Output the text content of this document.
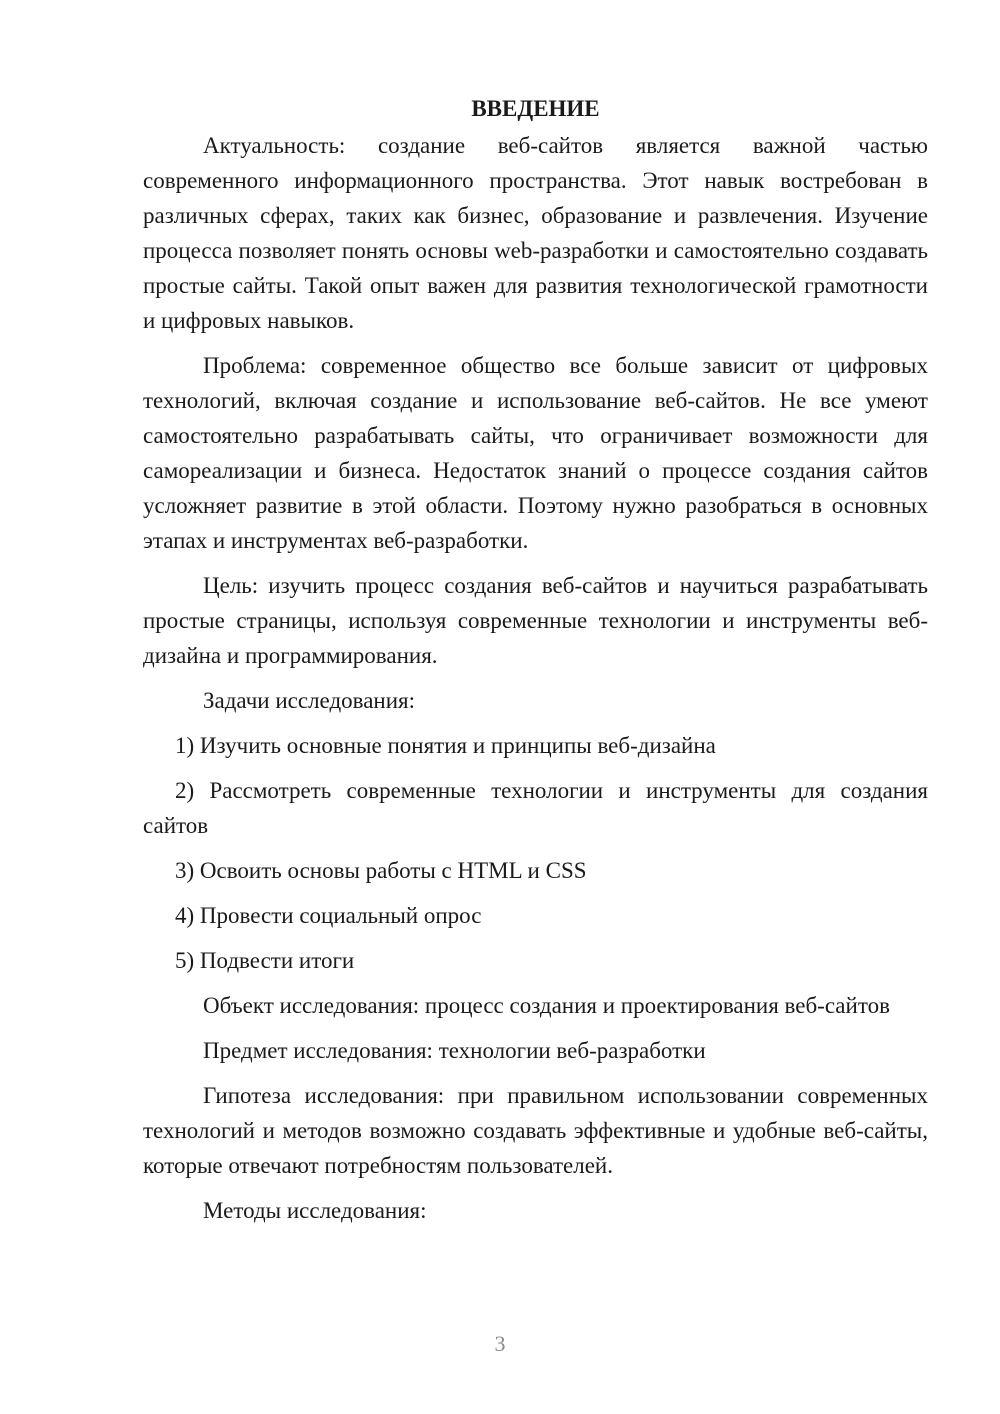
ВВЕДЕНИЕ

Актуальность: создание веб-сайтов является важной частью современного информационного пространства. Этот навык востребован в различных сферах, таких как бизнес, образование и развлечения. Изучение процесса позволяет понять основы web-разработки и самостоятельно создавать простые сайты. Такой опыт важен для развития технологической грамотности и цифровых навыков.

Проблема: современное общество все больше зависит от цифровых технологий, включая создание и использование веб-сайтов. Не все умеют самостоятельно разрабатывать сайты, что ограничивает возможности для самореализации и бизнеса. Недостаток знаний о процессе создания сайтов усложняет развитие в этой области. Поэтому нужно разобраться в основных этапах и инструментах веб-разработки.

Цель: изучить процесс создания веб-сайтов и научиться разрабатывать простые страницы, используя современные технологии и инструменты веб-дизайна и программирования.

Задачи исследования:

1) Изучить основные понятия и принципы веб-дизайна

2) Рассмотреть современные технологии и инструменты для создания сайтов

3) Освоить основы работы с HTML и CSS

4) Провести социальный опрос

5) Подвести итоги

Объект исследования: процесс создания и проектирования веб-сайтов

Предмет исследования: технологии веб-разработки

Гипотеза исследования: при правильном использовании современных технологий и методов возможно создавать эффективные и удобные веб-сайты, которые отвечают потребностям пользователей.

Методы исследования:

3
